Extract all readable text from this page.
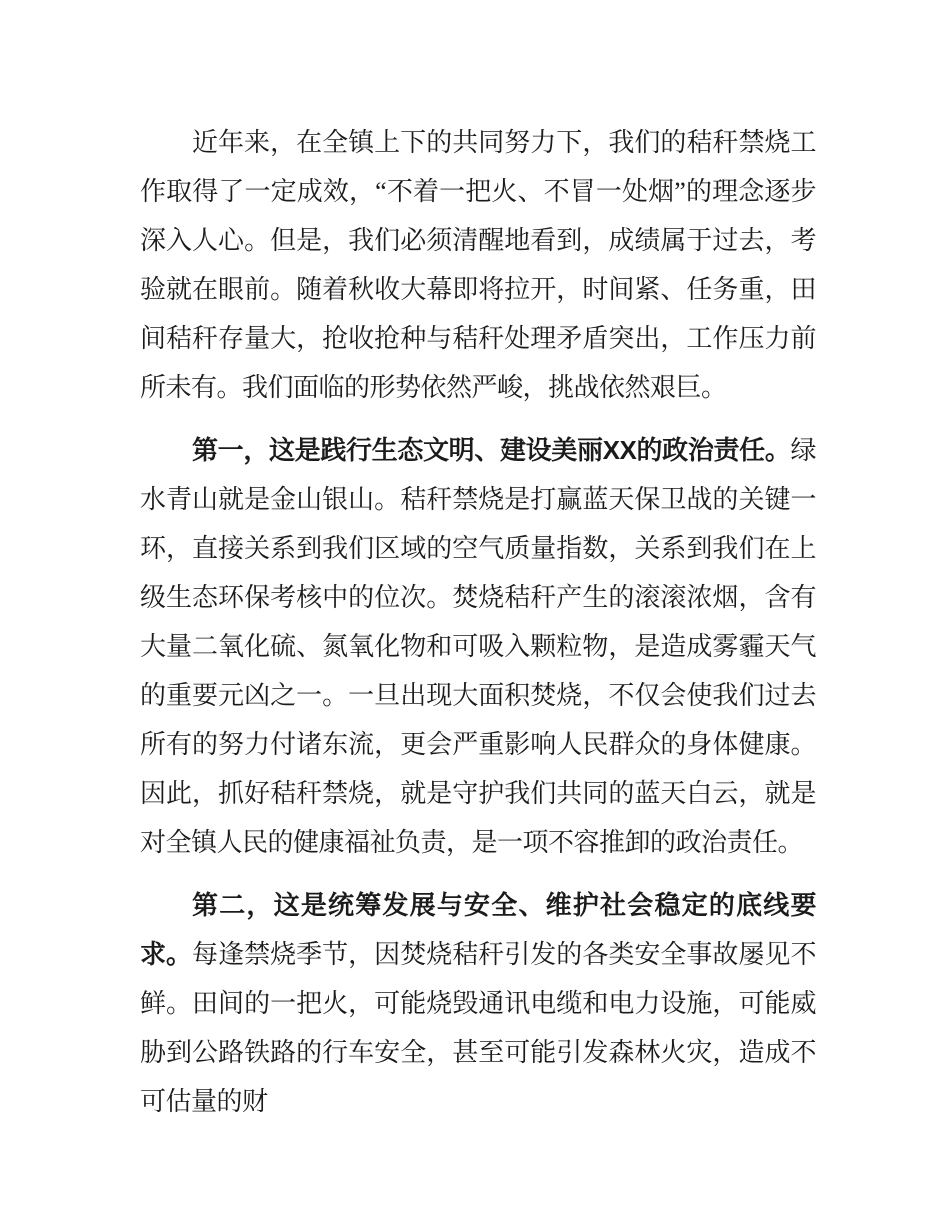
近年来，在全镇上下的共同努力下，我们的秸秆禁烧工作取得了一定成效，“不着一把火、不冒一处烟”的理念逐步深入人心。但是，我们必须清醒地看到，成绩属于过去，考验就在眼前。随着秋收大幕即将拉开，时间紧、任务重，田间秸秆存量大，抢收抢种与秸秆处理矛盾突出，工作压力前所未有。我们面临的形势依然严峻，挑战依然艰巨。

第一，这是践行生态文明、建设美丽XX的政治责任。绿水青山就是金山银山。秸秆禁烧是打赢蓝天保卫战的关键一环，直接关系到我们区域的空气质量指数，关系到我们在上级生态环保考核中的位次。焚烧秸秆产生的滚滚浓烟，含有大量二氧化硫、氮氧化物和可吸入颗粒物，是造成雾霾天气的重要元凶之一。一旦出现大面积焚烧，不仅会使我们过去所有的努力付诸东流，更会严重影响人民群众的身体健康。因此，抓好秸秆禁烧，就是守护我们共同的蓝天白云，就是对全镇人民的健康福祉负责，是一项不容推卸的政治责任。

第二，这是统筹发展与安全、维护社会稳定的底线要求。每逢禁烧季节，因焚烧秸秆引发的各类安全事故屡见不鲜。田间的一把火，可能烧毁通讯电缆和电力设施，可能威胁到公路铁路的行车安全，甚至可能引发森林火灾，造成不可估量的财
